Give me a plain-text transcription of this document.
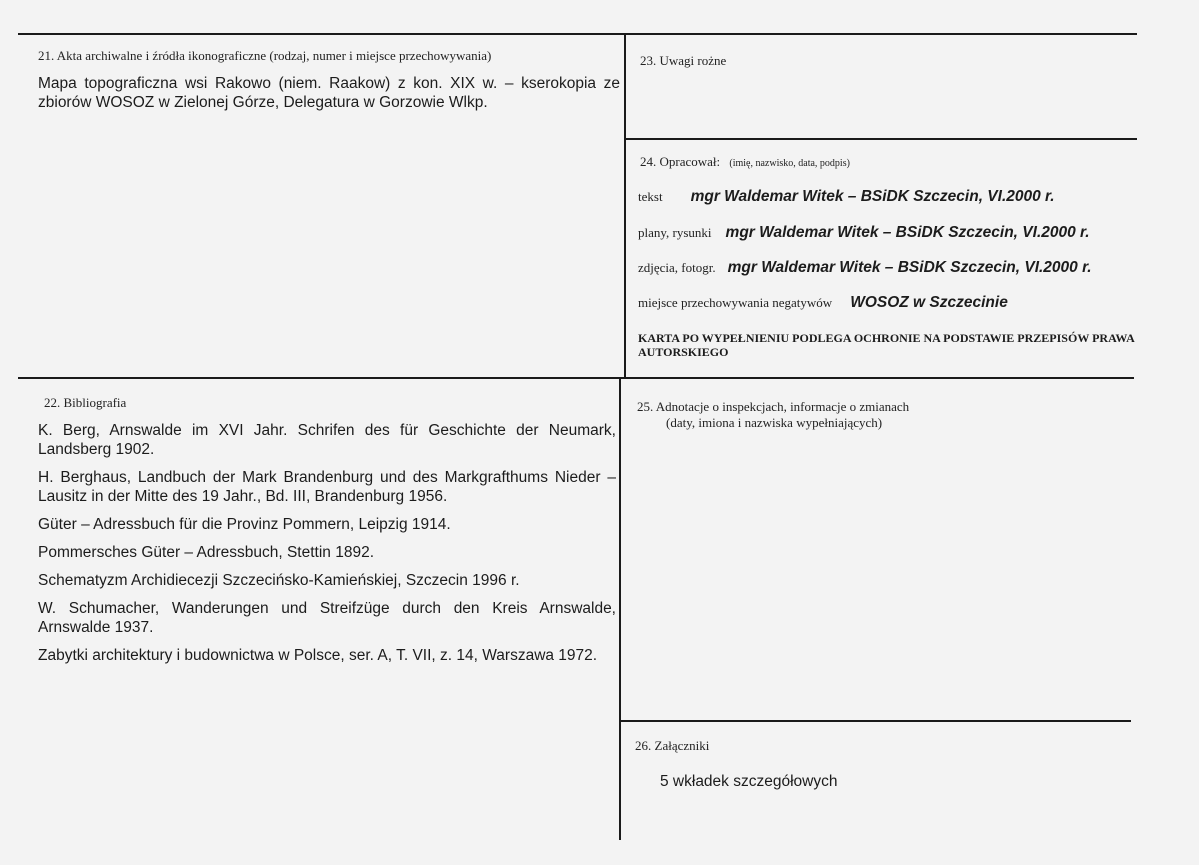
21. Akta archiwalne i źródła ikonograficzne (rodzaj, numer i miejsce przechowywania)
Mapa topograficzna wsi Rakowo (niem. Raakow) z kon. XIX w. – kserokopia ze zbiorów WOSOZ w Zielonej Górze, Delegatura w Gorzowie Wlkp.
23. Uwagi rożne
24. Opracował: (imię, nazwisko, data, podpis)
tekst mgr Waldemar Witek – BSiDK Szczecin, VI.2000 r.
plany, rysunki mgr Waldemar Witek – BSiDK Szczecin, VI.2000 r.
zdjęcia, fotogr. mgr Waldemar Witek – BSiDK Szczecin, VI.2000 r.
miejsce przechowywania negatywów WOSOZ w Szczecinie
KARTA PO WYPEŁNIENIU PODLEGA OCHRONIE NA PODSTAWIE PRZEPISÓW PRAWA AUTORSKIEGO
22. Bibliografia
K. Berg, Arnswalde im XVI Jahr. Schrifen des für Geschichte der Neumark, Landsberg 1902.
H. Berghaus, Landbuch der Mark Brandenburg und des Markgrafthums Nieder – Lausitz in der Mitte des 19 Jahr., Bd. III, Brandenburg 1956.
Güter – Adressbuch für die Provinz Pommern, Leipzig 1914.
Pommersches Güter – Adressbuch, Stettin 1892.
Schematyzm Archidiecezji Szczecińsko-Kamieńskiej, Szczecin 1996 r.
W. Schumacher, Wanderungen und Streifzüge durch den Kreis Arnswalde, Arnswalde 1937.
Zabytki architektury i budownictwa w Polsce, ser. A, T. VII, z. 14, Warszawa 1972.
25. Adnotacje o inspekcjach, informacje o zmianach
(daty, imiona i nazwiska wypełniających)
26. Załączniki
5 wkładek szczegółowych
